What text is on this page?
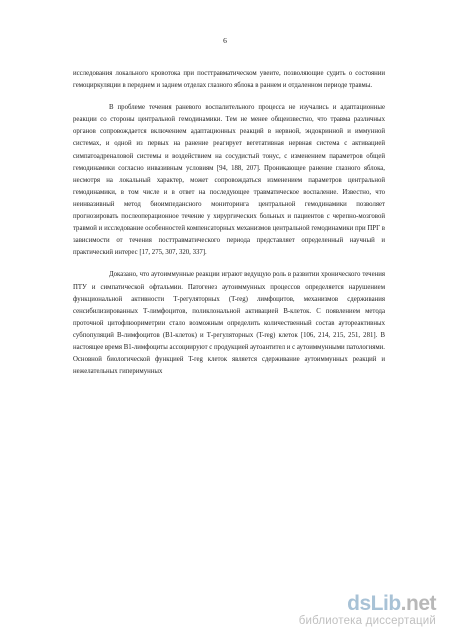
6

исследования локального кровотока при посттравматическом увеите, позволяющие судить о состоянии гемоциркуляции в переднем и заднем отделах глазного яблока в раннем и отдаленном периоде травмы.

В проблеме течения раневого воспалительного процесса не изучались и адаптационные реакции со стороны центральной гемодинамики. Тем не менее общеизвестно, что травма различных органов сопровождается включением адаптационных реакций в нервной, эндокринной и иммунной системах, и одной из первых на ранение реагирует вегетативная нервная система с активацией симпатоадреналовой системы и воздействием на сосудистый тонус, с изменением параметров общей гемодинамики согласно инвазивным условиям [94, 188, 207]. Проникающее ранение глазного яблока, несмотря на локальный характер, может сопровождаться изменением параметров центральной гемодинамики, в том числе и в ответ на последующее травматическое воспаление. Известно, что неинвазивный метод биоимпедансного мониторинга центральной гемодинамики позволяет прогнозировать послеоперационное течение у хирургических больных и пациентов с черепно-мозговой травмой и исследование особенностей компенсаторных механизмов центральной гемодинамики при ПРГ в зависимости от течения посттравматического периода представляет определенный научный и практический интерес [17, 275, 307, 320, 337].

Доказано, что аутоиммунные реакции играют ведущую роль в развитии хронического течения ПТУ и симпатической офтальмии. Патогенез аутоиммунных процессов определяется нарушением функциональной активности Т-регуляторных (T-reg) лимфоцитов, механизмов сдерживания сенсибилизированных Т-лимфоцитов, поликлональной активацией В-клеток. С появлением метода проточной цитофлюориметрии стало возможным определить количественный состав аутореактивных субпопуляций В-лимфоцитов (В1-клеток) и Т-регуляторных (T-reg) клеток [106, 214, 215, 251, 281]. В настоящее время В1-лимфоциты ассоциируют с продукцией аутоантител и с аутоиммунными патологиями. Основной биологической функцией T-reg клеток является сдерживание аутоиммунных реакций и нежелательных гиперимунных

dsLib.net
библиотека диссертаций
